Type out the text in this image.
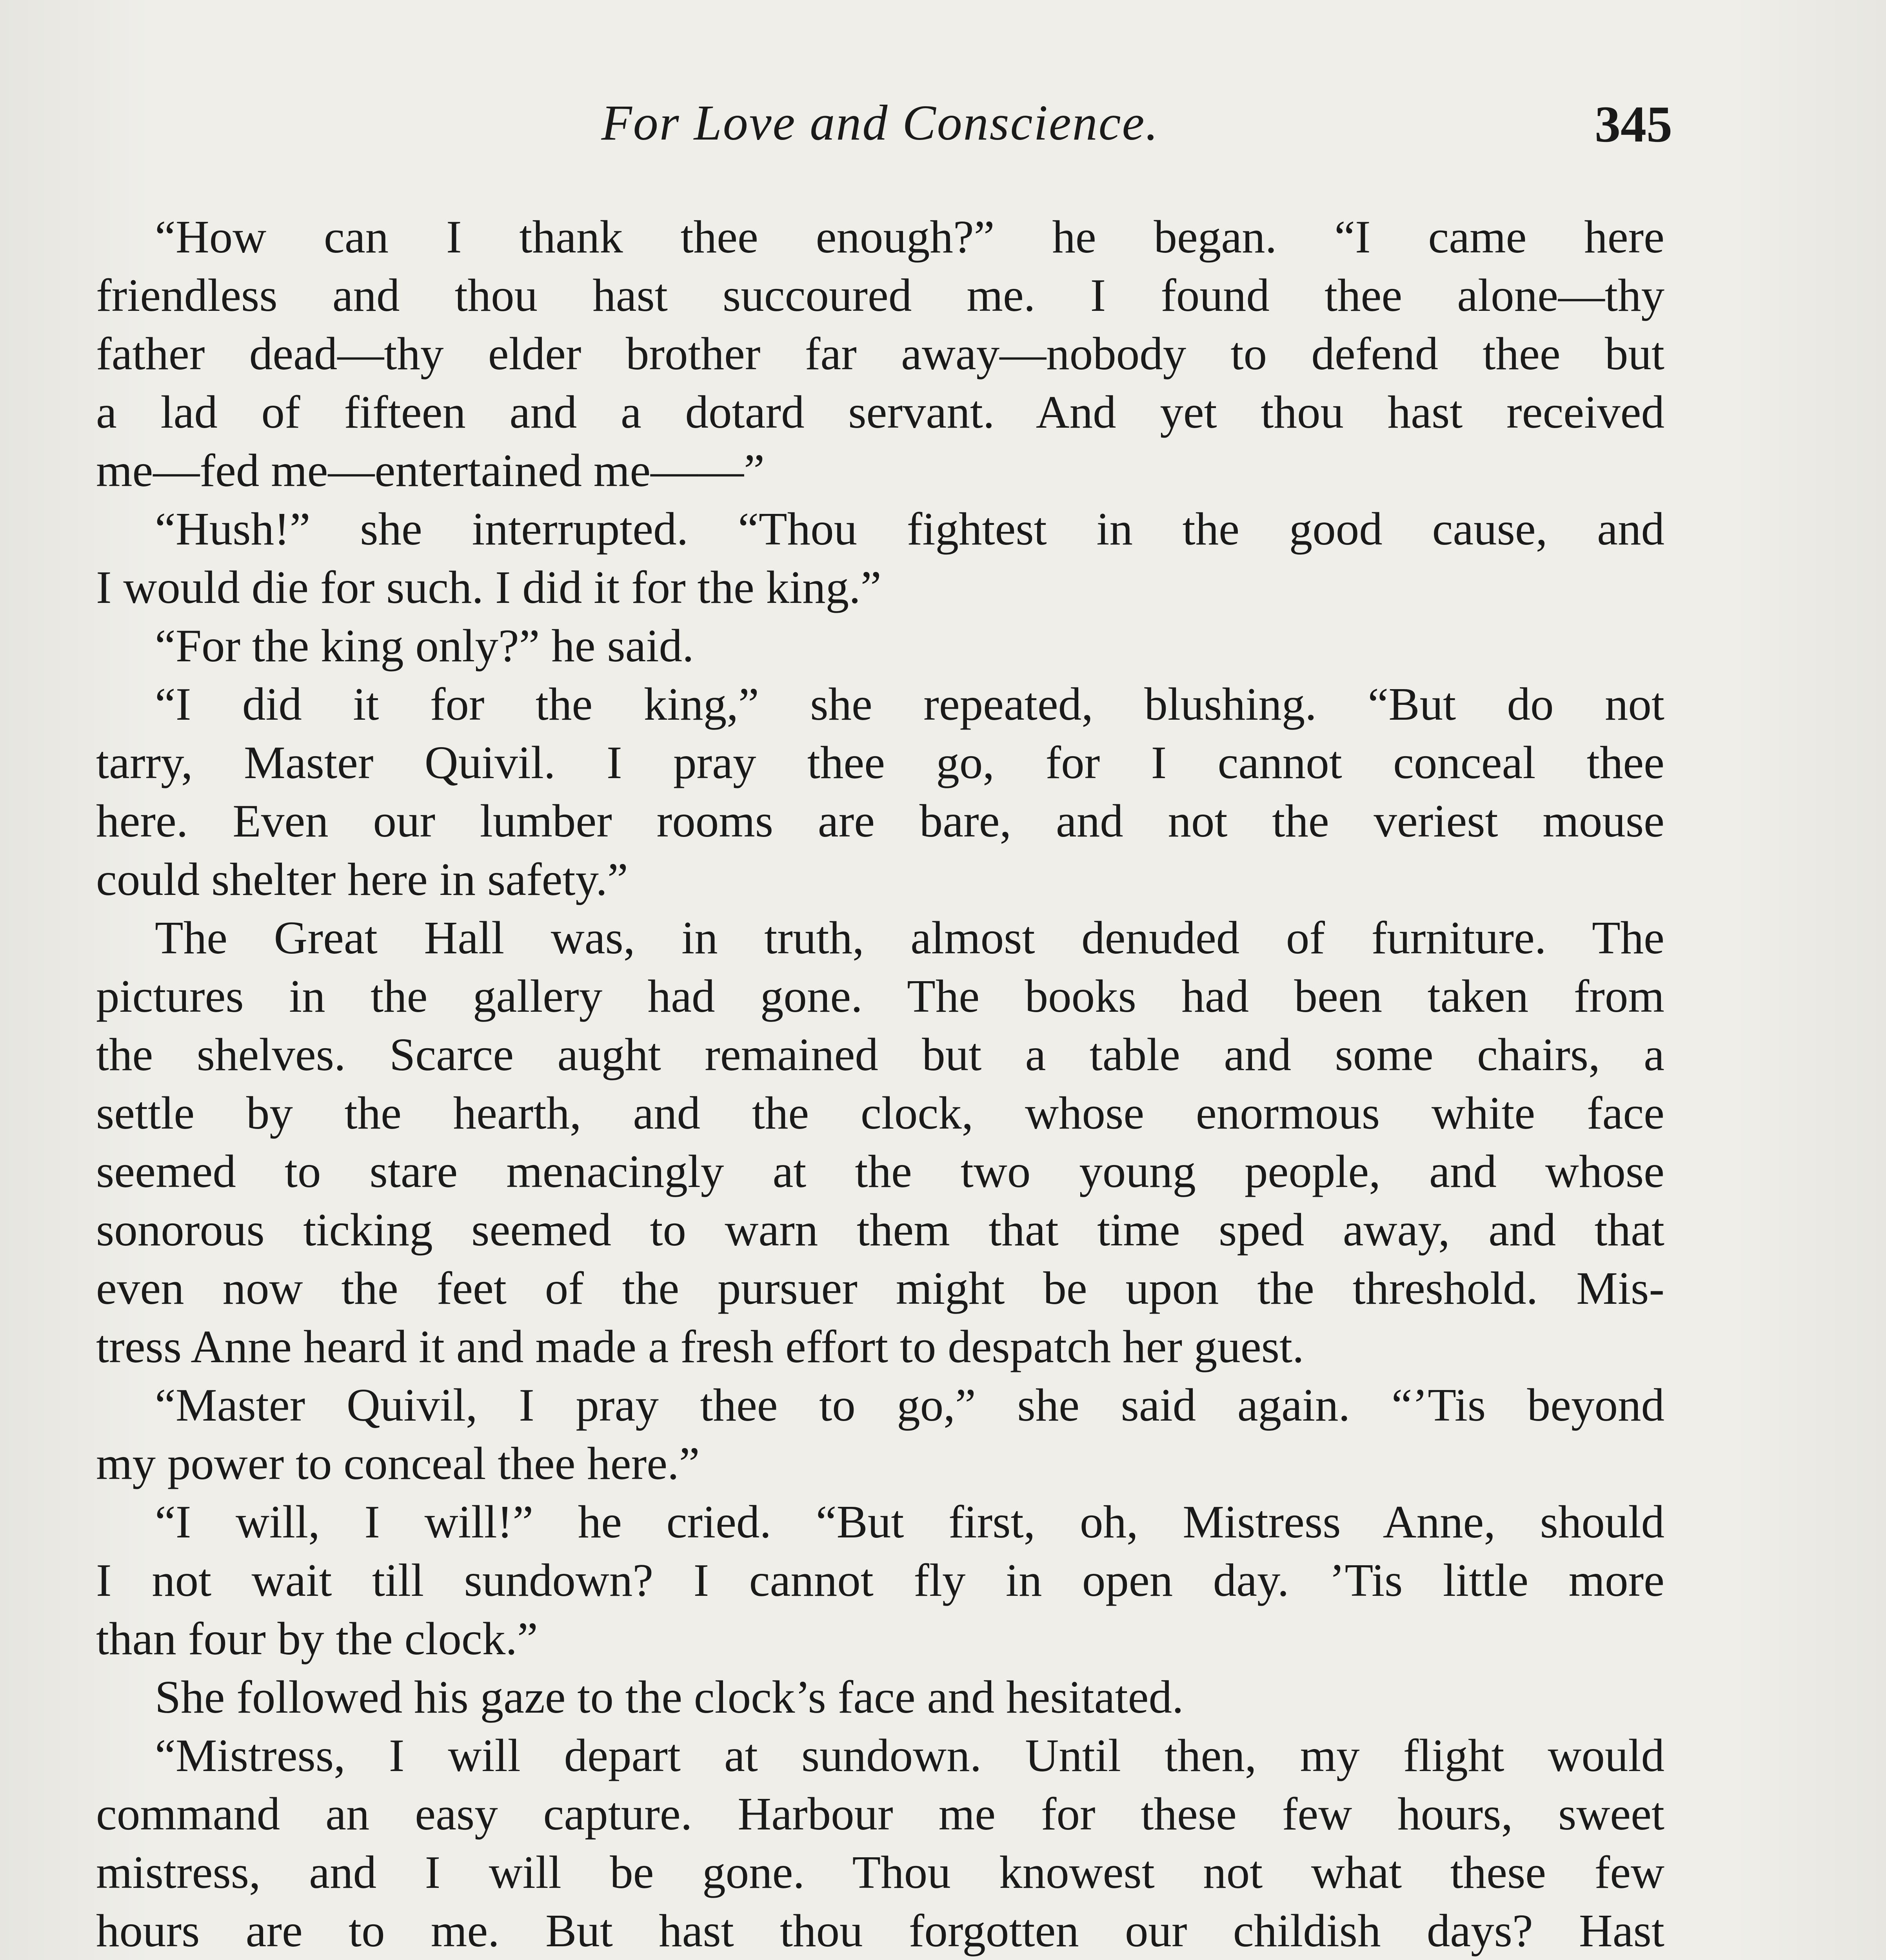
For Love and Conscience.	345
“How can I thank thee enough?” he began. “I came here
friendless and thou hast succoured me. I found thee alone—thy
father dead—thy elder brother far away—nobody to defend thee but
a lad of fifteen and a dotard servant. And yet thou hast received
me—fed me—entertained me——”
“Hush!” she interrupted. “Thou fightest in the good cause, and
I would die for such. I did it for the king.”
“For the king only?” he said.
“I did it for the king,” she repeated, blushing. “But do not
tarry, Master Quivil. I pray thee go, for I cannot conceal thee
here. Even our lumber rooms are bare, and not the veriest mouse
could shelter here in safety.”
The Great Hall was, in truth, almost denuded of furniture. The
pictures in the gallery had gone. The books had been taken from
the shelves. Scarce aught remained but a table and some chairs, a
settle by the hearth, and the clock, whose enormous white face
seemed to stare menacingly at the two young people, and whose
sonorous ticking seemed to warn them that time sped away, and that
even now the feet of the pursuer might be upon the threshold. Mis-
tress Anne heard it and made a fresh effort to despatch her guest.
“Master Quivil, I pray thee to go,” she said again. “’Tis beyond
my power to conceal thee here.”
“I will, I will!” he cried. “But first, oh, Mistress Anne, should
I not wait till sundown? I cannot fly in open day. ’Tis little more
than four by the clock.”
She followed his gaze to the clock’s face and hesitated.
“Mistress, I will depart at sundown. Until then, my flight would
command an easy capture. Harbour me for these few hours, sweet
mistress, and I will be gone. Thou knowest not what these few
hours are to me. But hast thou forgotten our childish days? Hast
